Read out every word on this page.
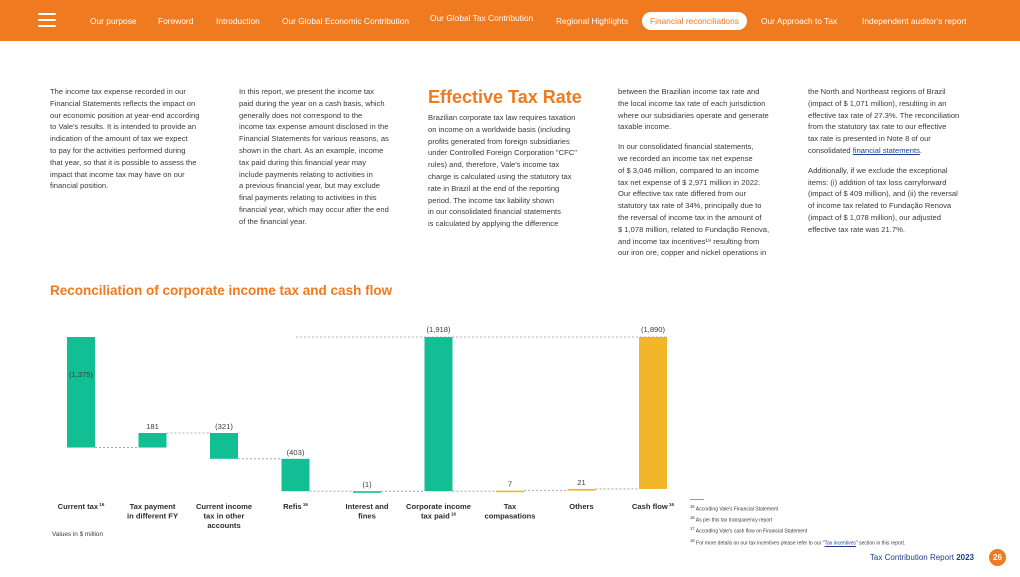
Our purpose	Foreword	Introduction	Our Global Economic Contribution Our Global Tax Contribution	Regional Highlights	Financial reconciliations	Our Approach to Tax	Independent auditor's report

The income tax expense recorded in our
Financial Statements reflects the impact on
our economic position at year-end according
to Vale's results. It is intended to provide an
indication of the amount of tax we expect
to pay for the activities performed during
that year, so that it is possible to assess the
impact that income tax may have on our
financial position.

In this report, we present the income tax
paid during the year on a cash basis, which
generally does not correspond to the
income tax expense amount disclosed in the
Financial Statements for various reasons, as
shown in the chart. As an example, income
tax paid during this financial year may
include payments relating to activities in
a previous financial year, but may exclude
final payments relating to activities in this
financial year, which may occur after the end
of the financial year.

Effective Tax Rate

Brazilian corporate tax law requires taxation
on income on a worldwide basis (including
profits generated from foreign subsidiaries
under Controlled Foreign Corporation "CFC"
rules) and, therefore, Vale's income tax
charge is calculated using the statutory tax
rate in Brazil at the end of the reporting
period. The income tax liability shown
in our consolidated financial statements
is calculated by applying the difference

between the Brazilian income tax rate and
the local income tax rate of each jurisdiction
where our subsidiaries operate and generate
taxable income.

In our consolidated financial statements,
we recorded an income tax net expense
of $ 3,046 million, compared to an income
tax net expense of $ 2,971 million in 2022.
Our effective tax rate differed from our
statutory tax rate of 34%, principally due to
the reversal of income tax in the amount of
$ 1,078 million, related to Fundação Renova,
and income tax incentives¹⁹ resulting from
our iron ore, copper and nickel operations in

the North and Northeast regions of Brazil
(impact of $ 1,071 million), resulting in an
effective tax rate of 27.3%. The reconciliation
from the statutory tax rate to our effective
tax rate is presented in Note 8 of our
consolidated financial statements.

Additionally, if we exclude the exceptional
items: (i) addition of tax loss carryforward
(impact of $ 409 million), and (ii) the reversal
of income tax related to Fundação Renova
(impact of $ 1,078 million), our adjusted
effective tax rate was 21.7%.

Reconciliation of corporate income tax and cash flow
(1,375)
Current tax $^{16}$
181
Tax payment
in different FY
(321)
Current income
tax in other
accounts
(403)
Refis $^{16}$
(1)
Interest and
fines
(1,918)
Corporate income
tax paid $^{16}$
7
Tax
compasations
21
Others
(1,890)
Cash flow $^{16}$	$^{16}$ According Vale's Financial Statement
$^{16}$ As per this tax transparency report
$^{17}$ According Vale's cash flow on Financial Statement
$^{18}$ For more details on our tax incentives please refer to our "Tax incentives" section in this report.
Values in $ million
Tax Contribution Report 2023	26
